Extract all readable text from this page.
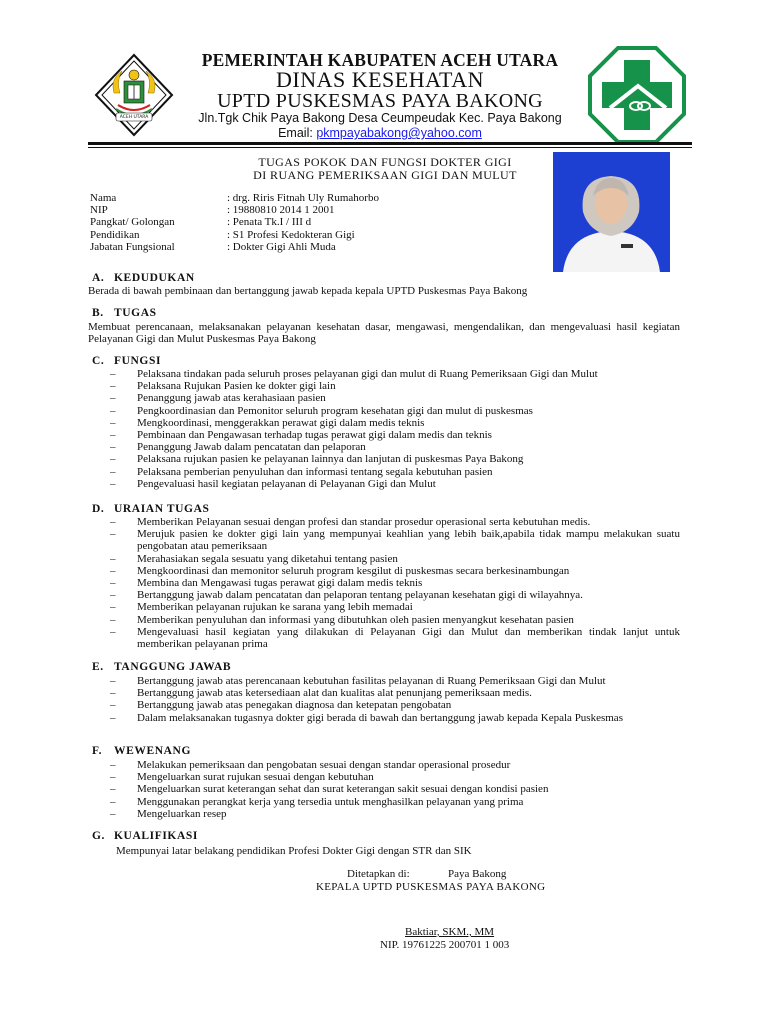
ACEH UTARA
PEMERINTAH KABUPATEN ACEH UTARA
DINAS KESEHATAN
UPTD PUSKESMAS PAYA BAKONG
Jln.Tgk Chik Paya Bakong Desa Ceumpeudak Kec. Paya Bakong
Email: pkmpayabakong@yahoo.com
TUGAS POKOK DAN FUNGSI DOKTER GIGI
DI RUANG PEMERIKSAAN GIGI DAN MULUT
Nama	: drg. Riris Fitnah Uly Rumahorbo
NIP	: 19880810 2014 1 2001
Pangkat/ Golongan	: Penata Tk.I / III d
Pendidikan	: S1 Profesi Kedokteran Gigi
Jabatan Fungsional	: Dokter Gigi Ahli Muda
A. KEDUDUKAN
Berada di bawah pembinaan dan bertanggung jawab kepada kepala UPTD Puskesmas Paya Bakong
B. TUGAS
Membuat perencanaan, melaksanakan pelayanan kesehatan dasar, mengawasi, mengendalikan, dan mengevaluasi hasil kegiatan Pelayanan Gigi dan Mulut Puskesmas Paya Bakong
C. FUNGSI
– Pelaksana tindakan pada seluruh proses pelayanan gigi dan mulut di Ruang Pemeriksaan Gigi dan Mulut
– Pelaksana Rujukan Pasien ke dokter gigi lain
– Penanggung jawab atas kerahasiaan pasien
– Pengkoordinasian dan Pemonitor seluruh program kesehatan gigi dan mulut di puskesmas
– Mengkoordinasi, menggerakkan perawat gigi dalam medis teknis
– Pembinaan dan Pengawasan terhadap tugas perawat gigi dalam medis dan teknis
– Penanggung Jawab dalam pencatatan dan pelaporan
– Pelaksana rujukan pasien ke pelayanan lainnya dan lanjutan di puskesmas Paya Bakong
– Pelaksana pemberian penyuluhan dan informasi tentang segala kebutuhan pasien
– Pengevaluasi hasil kegiatan pelayanan di Pelayanan Gigi dan Mulut
D. URAIAN TUGAS
– Memberikan Pelayanan sesuai dengan profesi dan standar prosedur operasional serta kebutuhan medis.
– Merujuk pasien ke dokter gigi lain yang mempunyai keahlian yang lebih baik,apabila tidak mampu melakukan suatu pengobatan atau pemeriksaan
– Merahasiakan segala sesuatu yang diketahui tentang pasien
– Mengkoordinasi dan memonitor seluruh program kesgilut di puskesmas secara berkesinambungan
– Membina dan Mengawasi tugas perawat gigi dalam medis teknis
– Bertanggung jawab dalam pencatatan dan pelaporan tentang pelayanan kesehatan gigi di wilayahnya.
– Memberikan pelayanan rujukan ke sarana yang lebih memadai
– Memberikan penyuluhan dan informasi yang dibutuhkan oleh pasien menyangkut kesehatan pasien
– Mengevaluasi hasil kegiatan yang dilakukan di Pelayanan Gigi dan Mulut dan memberikan tindak lanjut untuk memberikan pelayanan prima
E. TANGGUNG JAWAB
– Bertanggung jawab atas perencanaan kebutuhan fasilitas pelayanan di Ruang Pemeriksaan Gigi dan Mulut
– Bertanggung jawab atas ketersediaan alat dan kualitas alat penunjang pemeriksaan medis.
– Bertanggung jawab atas penegakan diagnosa dan ketepatan pengobatan
– Dalam melaksanakan tugasnya dokter gigi berada di bawah dan bertanggung jawab kepada Kepala Puskesmas
F. WEWENANG
– Melakukan pemeriksaan dan pengobatan sesuai dengan standar operasional prosedur
– Mengeluarkan surat rujukan sesuai dengan kebutuhan
– Mengeluarkan surat keterangan sehat dan surat keterangan sakit sesuai dengan kondisi pasien
– Menggunakan perangkat kerja yang tersedia untuk menghasilkan pelayanan yang prima
– Mengeluarkan resep
G. KUALIFIKASI
Mempunyai latar belakang pendidikan Profesi Dokter Gigi dengan STR dan SIK
Ditetapkan di:	Paya Bakong
KEPALA UPTD PUSKESMAS PAYA BAKONG
Baktiar, SKM., MM
NIP. 19761225 200701 1 003
